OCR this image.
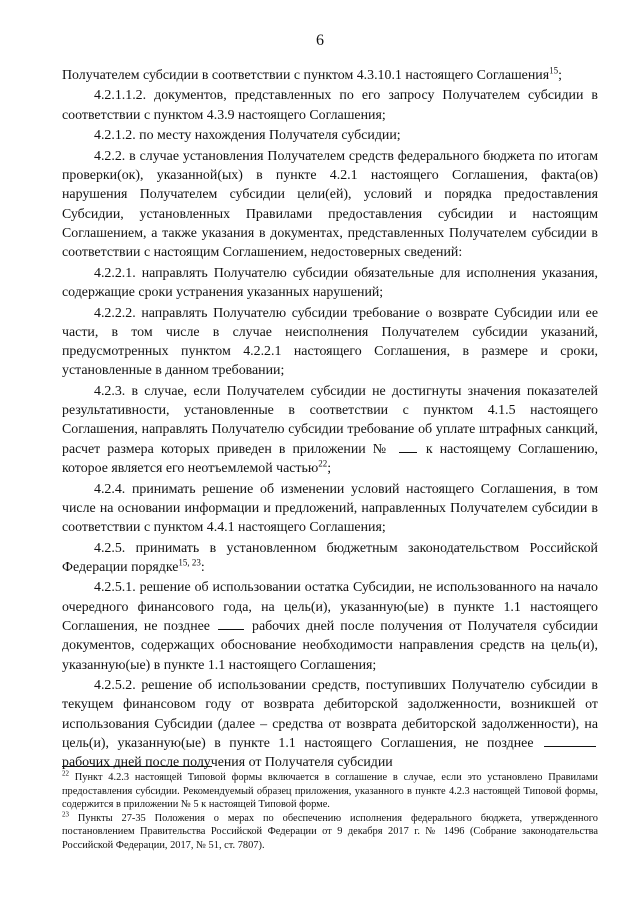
6

Получателем субсидии в соответствии с пунктом 4.3.10.1 настоящего Соглашения$^{15}$;

4.2.1.1.2. документов, представленных по его запросу Получателем субсидии в соответствии с пунктом 4.3.9 настоящего Соглашения;

4.2.1.2. по месту нахождения Получателя субсидии;

4.2.2. в случае установления Получателем средств федерального бюджета по итогам проверки(ок), указанной(ых) в пункте 4.2.1 настоящего Соглашения, факта(ов) нарушения Получателем субсидии цели(ей), условий и порядка предоставления Субсидии, установленных Правилами предоставления субсидии и настоящим Соглашением, а также указания в документах, представленных Получателем субсидии в соответствии с настоящим Соглашением, недостоверных сведений:

4.2.2.1. направлять Получателю субсидии обязательные для исполнения указания, содержащие сроки устранения указанных нарушений;

4.2.2.2. направлять Получателю субсидии требование о возврате Субсидии или ее части, в том числе в случае неисполнения Получателем субсидии указаний, предусмотренных пунктом 4.2.2.1 настоящего Соглашения, в размере и сроки, установленные в данном требовании;

4.2.3. в случае, если Получателем субсидии не достигнуты значения показателей результативности, установленные в соответствии с пунктом 4.1.5 настоящего Соглашения, направлять Получателю субсидии требование об уплате штрафных санкций, расчет размера которых приведен в приложении №	к настоящему Соглашению, которое является его неотъемлемой частью$^{22}$;

4.2.4. принимать решение об изменении условий настоящего Соглашения, в том числе на основании информации и предложений, направленных Получателем субсидии в соответствии с пунктом 4.4.1 настоящего Соглашения;

4.2.5. принимать в установленном бюджетным законодательством Российской Федерации порядке$^{15, 23}$:

4.2.5.1. решение об использовании остатка Субсидии, не использованного на начало очередного финансового года, на цель(и), указанную(ые) в пункте 1.1 настоящего Соглашения, не позднее	рабочих дней после получения от Получателя субсидии документов, содержащих обоснование необходимости направления средств на цель(и), указанную(ые) в пункте 1.1 настоящего Соглашения;

4.2.5.2. решение об использовании средств, поступивших Получателю субсидии в текущем финансовом году от возврата дебиторской задолженности, возникшей от использования Субсидии (далее – средства от возврата дебиторской задолженности), на цель(и), указанную(ые) в пункте 1.1 настоящего Соглашения, не позднее  рабочих дней после получения от Получателя субсидии

$^{22}$ Пункт 4.2.3 настоящей Типовой формы включается в соглашение в случае, если это установлено Правилами предоставления субсидии. Рекомендуемый образец приложения, указанного в пункте 4.2.3 настоящей Типовой формы, содержится в приложении № 5 к настоящей Типовой форме.

$^{23}$ Пункты 27-35 Положения о мерах по обеспечению исполнения федерального бюджета, утвержденного постановлением Правительства Российской Федерации от 9 декабря 2017 г. № 1496 (Собрание законодательства Российской Федерации, 2017, № 51, ст. 7807).
